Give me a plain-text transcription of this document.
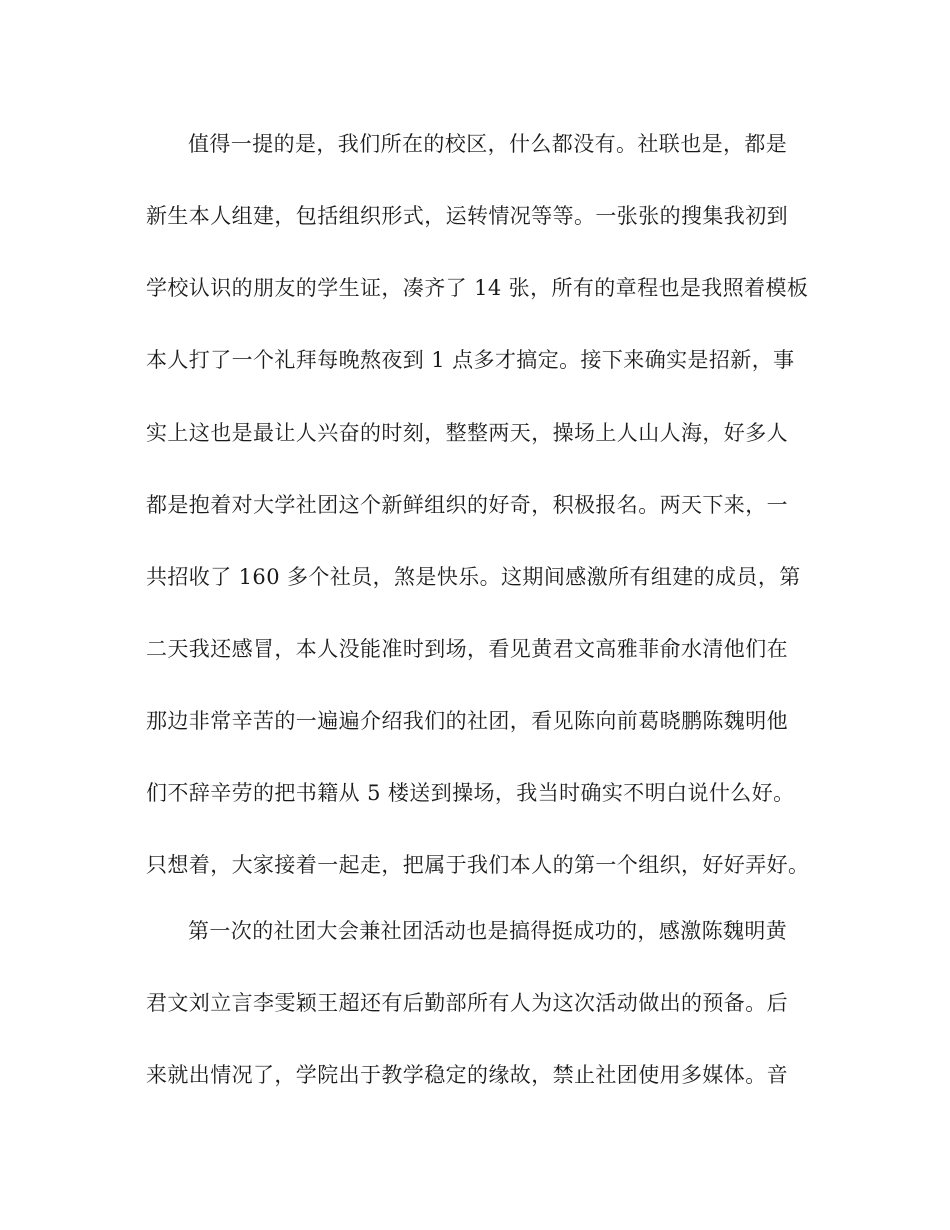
值得一提的是，我们所在的校区，什么都没有。社联也是，都是
新生本人组建，包括组织形式，运转情况等等。一张张的搜集我初到
学校认识的朋友的学生证，凑齐了 14 张，所有的章程也是我照着模板
本人打了一个礼拜每晚熬夜到 1 点多才搞定。接下来确实是招新，事
实上这也是最让人兴奋的时刻，整整两天，操场上人山人海，好多人
都是抱着对大学社团这个新鲜组织的好奇，积极报名。两天下来，一
共招收了 160 多个社员，煞是快乐。这期间感激所有组建的成员，第
二天我还感冒，本人没能准时到场，看见黄君文高雅菲俞水清他们在
那边非常辛苦的一遍遍介绍我们的社团，看见陈向前葛晓鹏陈魏明他
们不辞辛劳的把书籍从 5 楼送到操场，我当时确实不明白说什么好。
只想着，大家接着一起走，把属于我们本人的第一个组织，好好弄好。
第一次的社团大会兼社团活动也是搞得挺成功的，感激陈魏明黄
君文刘立言李雯颖王超还有后勤部所有人为这次活动做出的预备。后
来就出情况了，学院出于教学稳定的缘故，禁止社团使用多媒体。音
